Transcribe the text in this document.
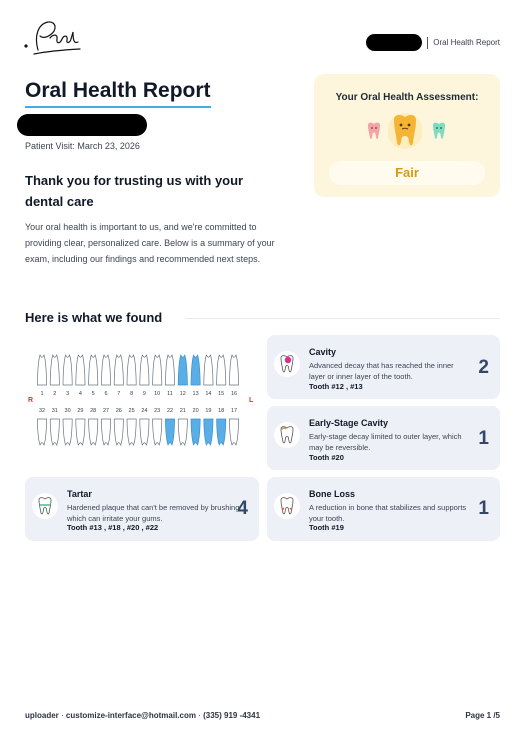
Oral Health Report
Oral Health Report
Patient Visit: March 23, 2026
Thank you for trusting us with your dental care
Your oral health is important to us, and we're committed to providing clear, personalized care. Below is a summary of your exam, including our findings and recommended next steps.
Your Oral Health Assessment:
Fair
Here is what we found
R	L
1 2 3 4 5 6 7 8 9 10 11 12 13 14 15 16
32 31 30 29 28 27 26 25 24 23 22 21 20 19 18 17
Cavity
Advanced decay that has reached the inner layer or inner layer of the tooth.
Tooth #12 , #13
2
Early-Stage Cavity
Early-stage decay limited to outer layer, which may be reversible.
Tooth #20
1
Tartar
Hardened plaque that can't be removed by brushing, which can irritate your gums.
Tooth #13 , #18 , #20 , #22
4
Bone Loss
A reduction in bone that stabilizes and supports your tooth.
Tooth #19
1
uploader · customize-interface@hotmail.com · (335) 919 -4341	Page 1 /5
